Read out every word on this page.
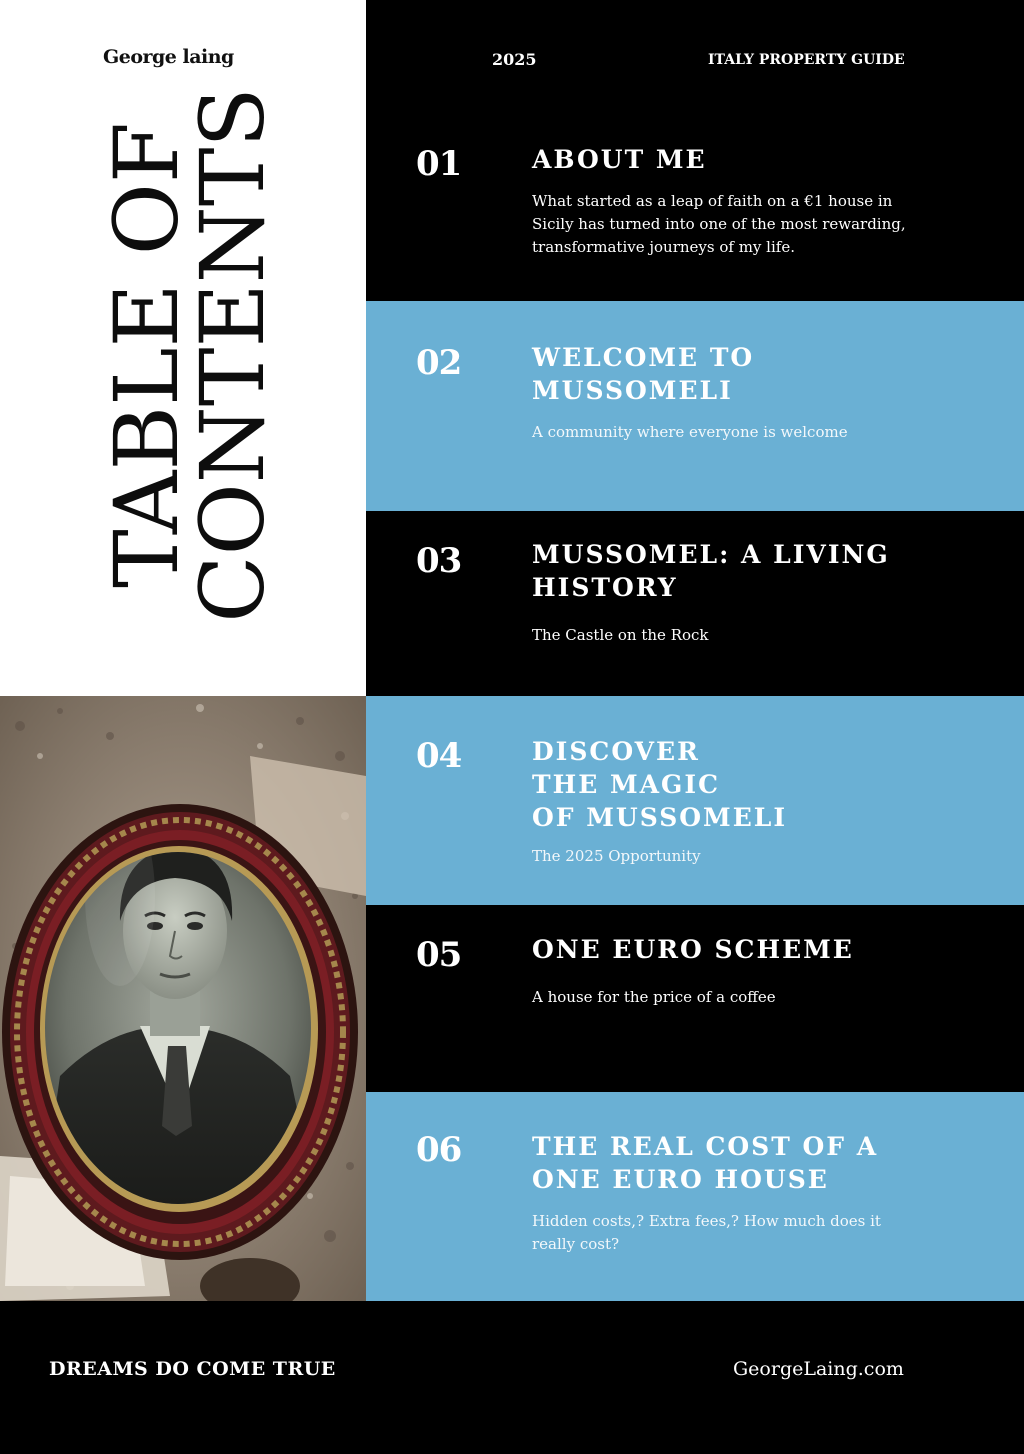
George laing
01	ABOUT ME
What started as a leap of faith on a €1 house in Sicily has turned into one of the most rewarding, transformative journeys of my life.
2025	ITALY PROPERTY GUIDE
02	WELCOME TO
MUSSOMELI
A community where everyone is welcome
03	MUSSOMEL: A LIVING
HISTORY
The Castle on the Rock
04	DISCOVER
THE MAGIC
OF MUSSOMELI
The 2025 Opportunity
05	ONE EURO SCHEME
A house for the price of a coffee
06	THE REAL COST OF A
ONE EURO HOUSE
Hidden costs,? Extra fees,? How much does it really cost?
TABLE OF
CONTENTS
DREAMS DO COME TRUE	GeorgeLaing.com
